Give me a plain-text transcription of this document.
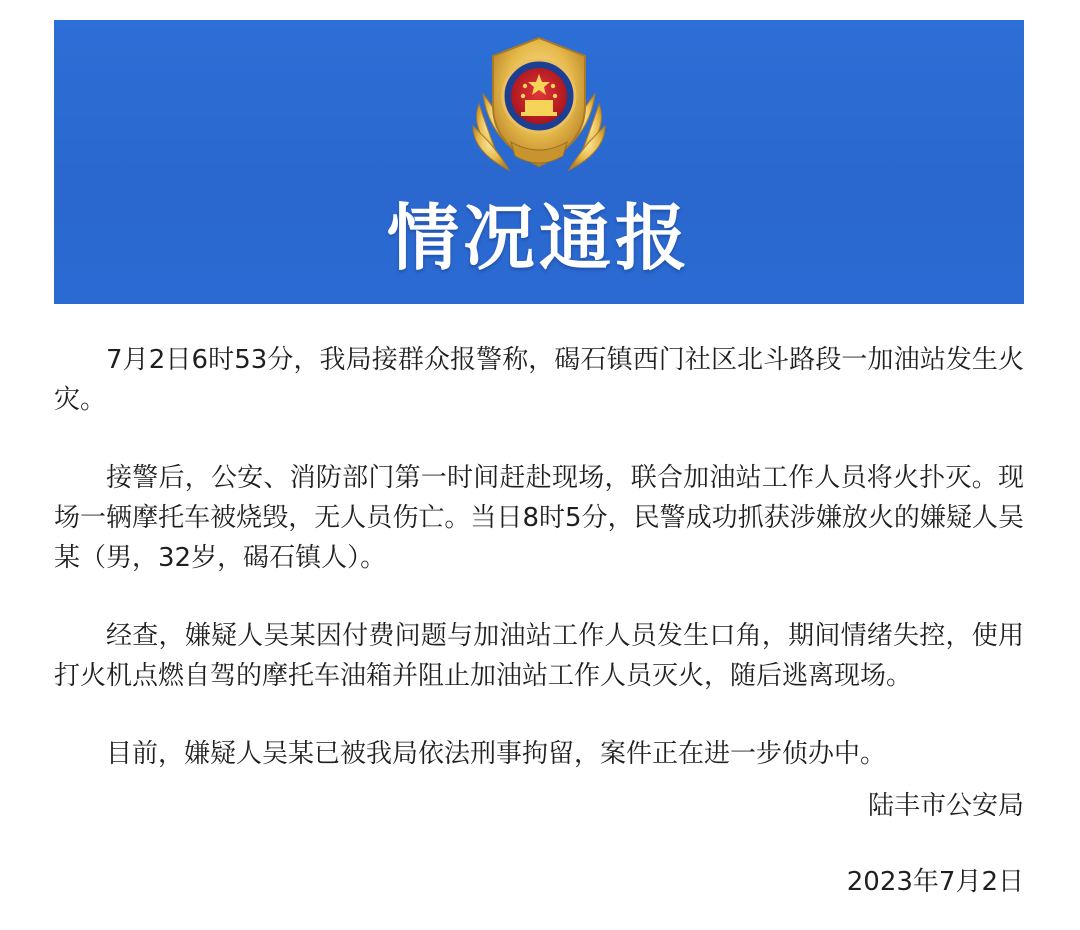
情况通报

7月2日6时53分，我局接群众报警称，碣石镇西门社区北斗路段一加油站发生火灾。

接警后，公安、消防部门第一时间赶赴现场，联合加油站工作人员将火扑灭。现场一辆摩托车被烧毁，无人员伤亡。当日8时5分，民警成功抓获涉嫌放火的嫌疑人吴某（男，32岁，碣石镇人）。

经查，嫌疑人吴某因付费问题与加油站工作人员发生口角，期间情绪失控，使用打火机点燃自驾的摩托车油箱并阻止加油站工作人员灭火，随后逃离现场。

目前，嫌疑人吴某已被我局依法刑事拘留，案件正在进一步侦办中。

陆丰市公安局
2023年7月2日
